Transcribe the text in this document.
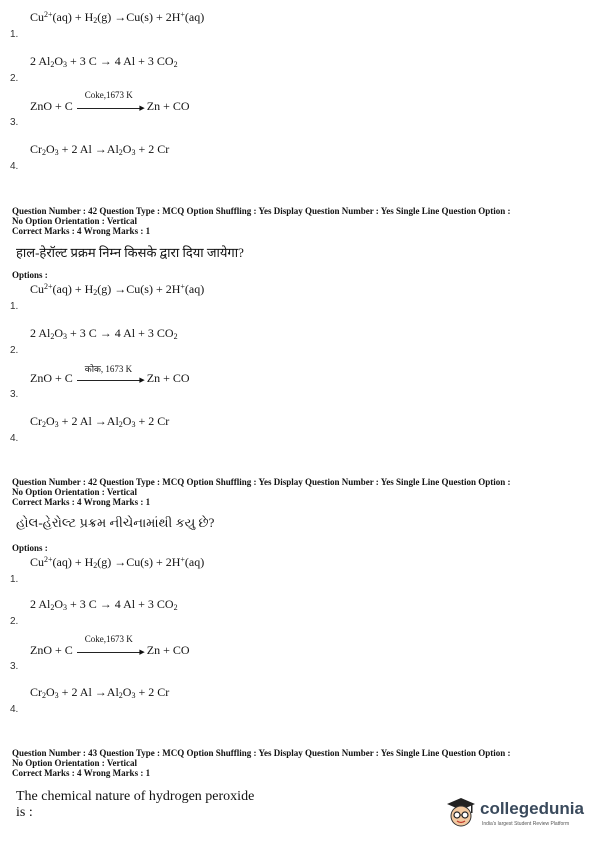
1.
$Cu^{2+}(aq) + H_2(g) \to Cu(s) + 2H^+(aq)$
2.
2 $Al_2O_3 + 3$ C → 4 Al + 3 $CO_2$
3.
ZnO + C
Coke,1673 K
▶ Zn + CO
4.
$Cr_2O_3 + 2$ $Al \to Al_2O_3 + 2$ Cr
Question Number : 42 Question Type : MCQ Option Shuffling : Yes Display Question Number : Yes Single Line Question Option :
No Option Orientation : Vertical
Correct Marks : 4 Wrong Marks : 1
हाल-हेरॉल्ट प्रक्रम निम्न किसके द्वारा दिया जायेगा?
Options :
1.
$Cu^{2+}(aq) + H_2(g) \to Cu(s) + 2H^+(aq)$
2.
2 $Al_2O_3 + 3$ C → 4 Al + 3 $CO_2$
3.
ZnO + C
कोक, 1673 K
▶ Zn + CO
4.
$Cr_2O_3 + 2$ $Al \to Al_2O_3 + 2$ Cr
Question Number : 42 Question Type : MCQ Option Shuffling : Yes Display Question Number : Yes Single Line Question Option :
No Option Orientation : Vertical
Correct Marks : 4 Wrong Marks : 1
હોલ-હેરોલ્ટ પ્રક્રમ નીચેનામાંથી કયુ છે?
Options :
1.
$Cu^{2+}(aq) + H_2(g) \to Cu(s) + 2H^+(aq)$
2.
2 $Al_2O_3 + 3$ C → 4 Al + 3 $CO_2$
3.
ZnO + C
Coke,1673 K
▶ Zn + CO
4.
$Cr_2O_3 + 2$ $Al \to Al_2O_3 + 2$ Cr
Question Number : 43 Question Type : MCQ Option Shuffling : Yes Display Question Number : Yes Single Line Question Option :
No Option Orientation : Vertical
Correct Marks : 4 Wrong Marks : 1
The chemical nature of hydrogen peroxide
is :	collegedunia
India's largest Student Review Platform
